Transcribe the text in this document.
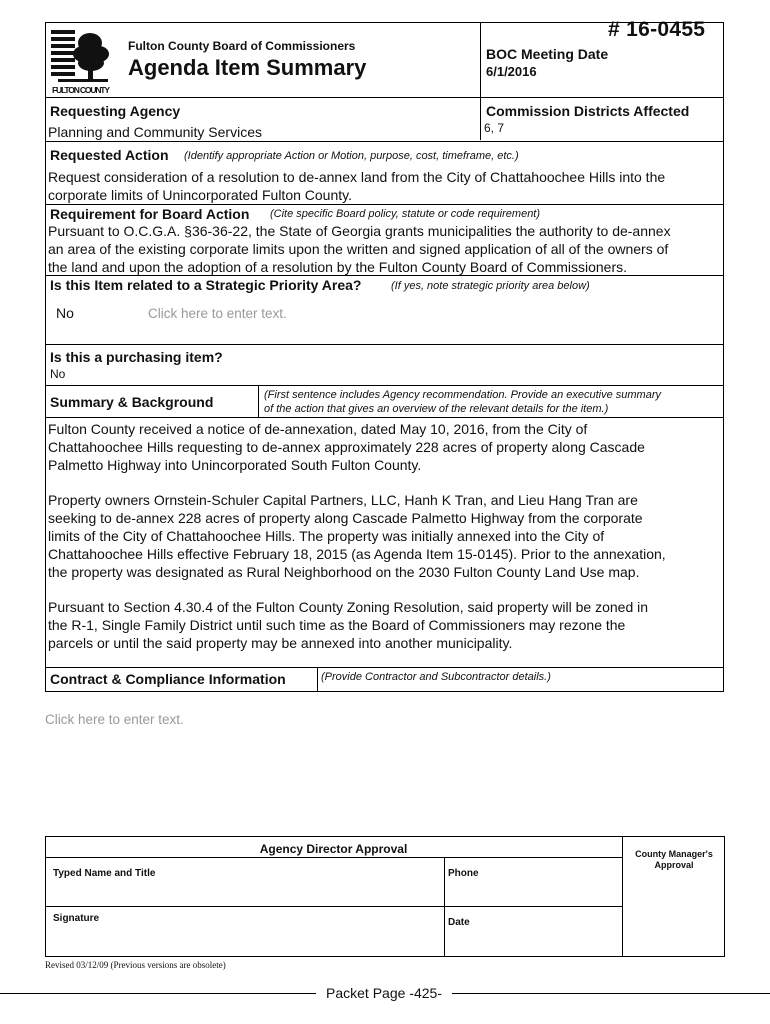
# 16-0455
FULTON COUNTY
Fulton County Board of Commissioners
Agenda Item Summary
BOC Meeting Date
6/1/2016
Requesting Agency
Planning and Community Services
Commission Districts Affected
6, 7
Requested Action (Identify appropriate Action or Motion, purpose, cost, timeframe, etc.)
Request consideration of a resolution to de-annex land from the City of Chattahoochee Hills into the
corporate limits of Unincorporated Fulton County.
Requirement for Board Action (Cite specific Board policy, statute or code requirement)
Pursuant to O.C.G.A. §36-36-22, the State of Georgia grants municipalities the authority to de-annex
an area of the existing corporate limits upon the written and signed application of all of the owners of
the land and upon the adoption of a resolution by the Fulton County Board of Commissioners.
Is this Item related to a Strategic Priority Area?	(If yes, note strategic priority area below)
No	Click here to enter text.
Is this a purchasing item?
No
Summary & Background	(First sentence includes Agency recommendation. Provide an executive summary
of the action that gives an overview of the relevant details for the item.)
Fulton County received a notice of de-annexation, dated May 10, 2016, from the City of
Chattahoochee Hills requesting to de-annex approximately 228 acres of property along Cascade
Palmetto Highway into Unincorporated South Fulton County.
Property owners Ornstein-Schuler Capital Partners, LLC, Hanh K Tran, and Lieu Hang Tran are
seeking to de-annex 228 acres of property along Cascade Palmetto Highway from the corporate
limits of the City of Chattahoochee Hills. The property was initially annexed into the City of
Chattahoochee Hills effective February 18, 2015 (as Agenda Item 15-0145). Prior to the annexation,
the property was designated as Rural Neighborhood on the 2030 Fulton County Land Use map.
Pursuant to Section 4.30.4 of the Fulton County Zoning Resolution, said property will be zoned in
the R-1, Single Family District until such time as the Board of Commissioners may rezone the
parcels or until the said property may be annexed into another municipality.
Contract & Compliance Information	(Provide Contractor and Subcontractor details.)
Click here to enter text.
Agency Director Approval
Typed Name and Title	Phone
Signature	Date
County Manager's
Approval
Revised 03/12/09 (Previous versions are obsolete)
Packet Page -425-
